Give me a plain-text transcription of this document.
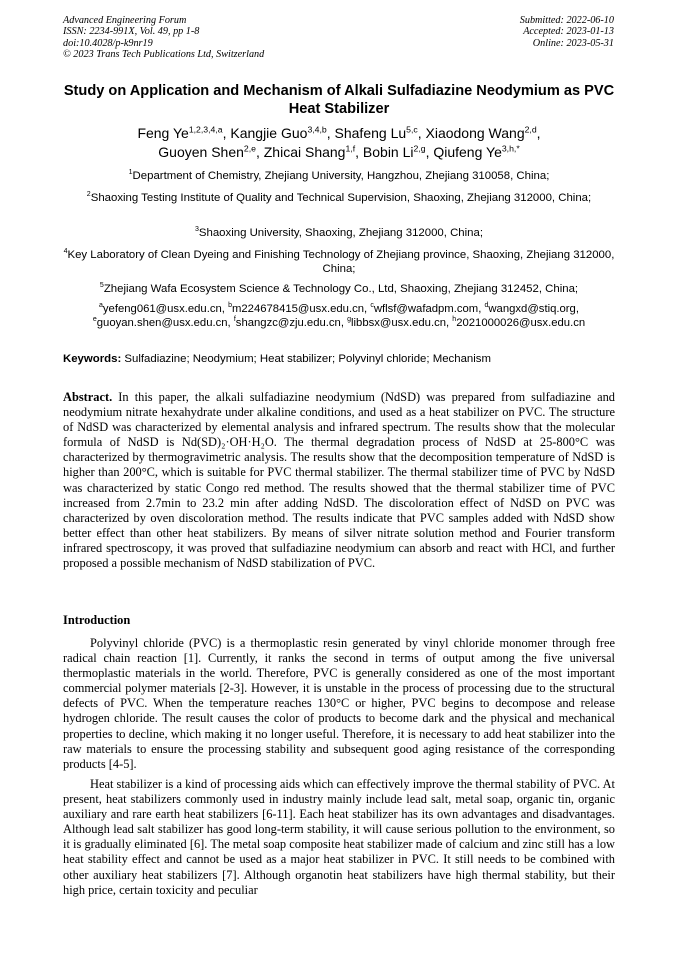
Advanced Engineering Forum
ISSN: 2234-991X, Vol. 49, pp 1-8
doi:10.4028/p-k9nr19
© 2023 Trans Tech Publications Ltd, Switzerland
Submitted: 2022-06-10
Accepted: 2023-01-13
Online: 2023-05-31
Study on Application and Mechanism of Alkali Sulfadiazine Neodymium as PVC Heat Stabilizer
Feng Ye$^{1,2,3,4,a}$, Kangjie Guo$^{3,4,b}$, Shafeng Lu$^{5,c}$, Xiaodong Wang$^{2,d}$,
Guoyen Shen$^{2,e}$, Zhicai Shang$^{1,f}$, Bobin Li$^{2,g}$, Qiufeng $Ye^{3,h,*}$
$^1$Department of Chemistry, Zhejiang University, Hangzhou, Zhejiang 310058, China;
$^2$Shaoxing Testing Institute of Quality and Technical Supervision, Shaoxing, Zhejiang 312000, China;
$^3$Shaoxing University, Shaoxing, Zhejiang 312000, China;
$^4$Key Laboratory of Clean Dyeing and Finishing Technology of Zhejiang province, Shaoxing, Zhejiang 312000, China;
$^5$Zhejiang Wafa Ecosystem Science & Technology Co., Ltd, Shaoxing, Zhejiang 312452, China;
$^a$yefeng061@usx.edu.cn, $^b$m224678415@usx.edu.cn, $^c$wflsf@wafadpm.com, $^d$wangxd@stiq.org,
$^e$guoyan.shen@usx.edu.cn, $^f$shangzc@zju.edu.cn, $^g$libbsx@usx.edu.cn, $^h$2021000026@usx.edu.cn
Keywords: Sulfadiazine; Neodymium; Heat stabilizer; Polyvinyl chloride; Mechanism
Abstract. In this paper, the alkali sulfadiazine neodymium (NdSD) was prepared from sulfadiazine and neodymium nitrate hexahydrate under alkaline conditions, and used as a heat stabilizer on PVC. The structure of NdSD was characterized by elemental analysis and infrared spectrum. The results show that the molecular formula of NdSD is Nd(SD)₂·OH·H₂O. The thermal degradation process of NdSD at 25-800°C was characterized by thermogravimetric analysis. The results show that the decomposition temperature of NdSD is higher than 200°C, which is suitable for PVC thermal stabilizer. The thermal stabilizer time of PVC by NdSD was characterized by static Congo red method. The results showed that the thermal stabilizer time of PVC increased from 2.7min to 23.2 min after adding NdSD. The discoloration effect of NdSD on PVC was characterized by oven discoloration method. The results indicate that PVC samples added with NdSD show better effect than other heat stabilizers. By means of silver nitrate solution method and Fourier transform infrared spectroscopy, it was proved that sulfadiazine neodymium can absorb and react with HCl, and further proposed a possible mechanism of NdSD stabilization of PVC.
Introduction

Polyvinyl chloride (PVC) is a thermoplastic resin generated by vinyl chloride monomer through free radical chain reaction [1]. Currently, it ranks the second in terms of output among the five universal thermoplastic materials in the world. Therefore, PVC is generally considered as one of the most important commercial polymer materials [2-3]. However, it is unstable in the process of processing due to the structural defects of PVC. When the temperature reaches 130°C or higher, PVC begins to decompose and release hydrogen chloride. The result causes the color of products to become dark and the physical and mechanical properties to decline, which making it no longer useful. Therefore, it is necessary to add heat stabilizer into the raw materials to ensure the processing stability and subsequent good aging resistance of the corresponding products [4-5].

Heat stabilizer is a kind of processing aids which can effectively improve the thermal stability of PVC. At present, heat stabilizers commonly used in industry mainly include lead salt, metal soap, organic tin, organic auxiliary and rare earth heat stabilizers [6-11]. Each heat stabilizer has its own advantages and disadvantages. Although lead salt stabilizer has good long-term stability, it will cause serious pollution to the environment, so it is gradually eliminated [6]. The metal soap composite heat stabilizer made of calcium and zinc still has a low heat stability effect and cannot be used as a major heat stabilizer in PVC. It still needs to be combined with other auxiliary heat stabilizers [7]. Although organotin heat stabilizers have high thermal stability, but their high price, certain toxicity and peculiar
